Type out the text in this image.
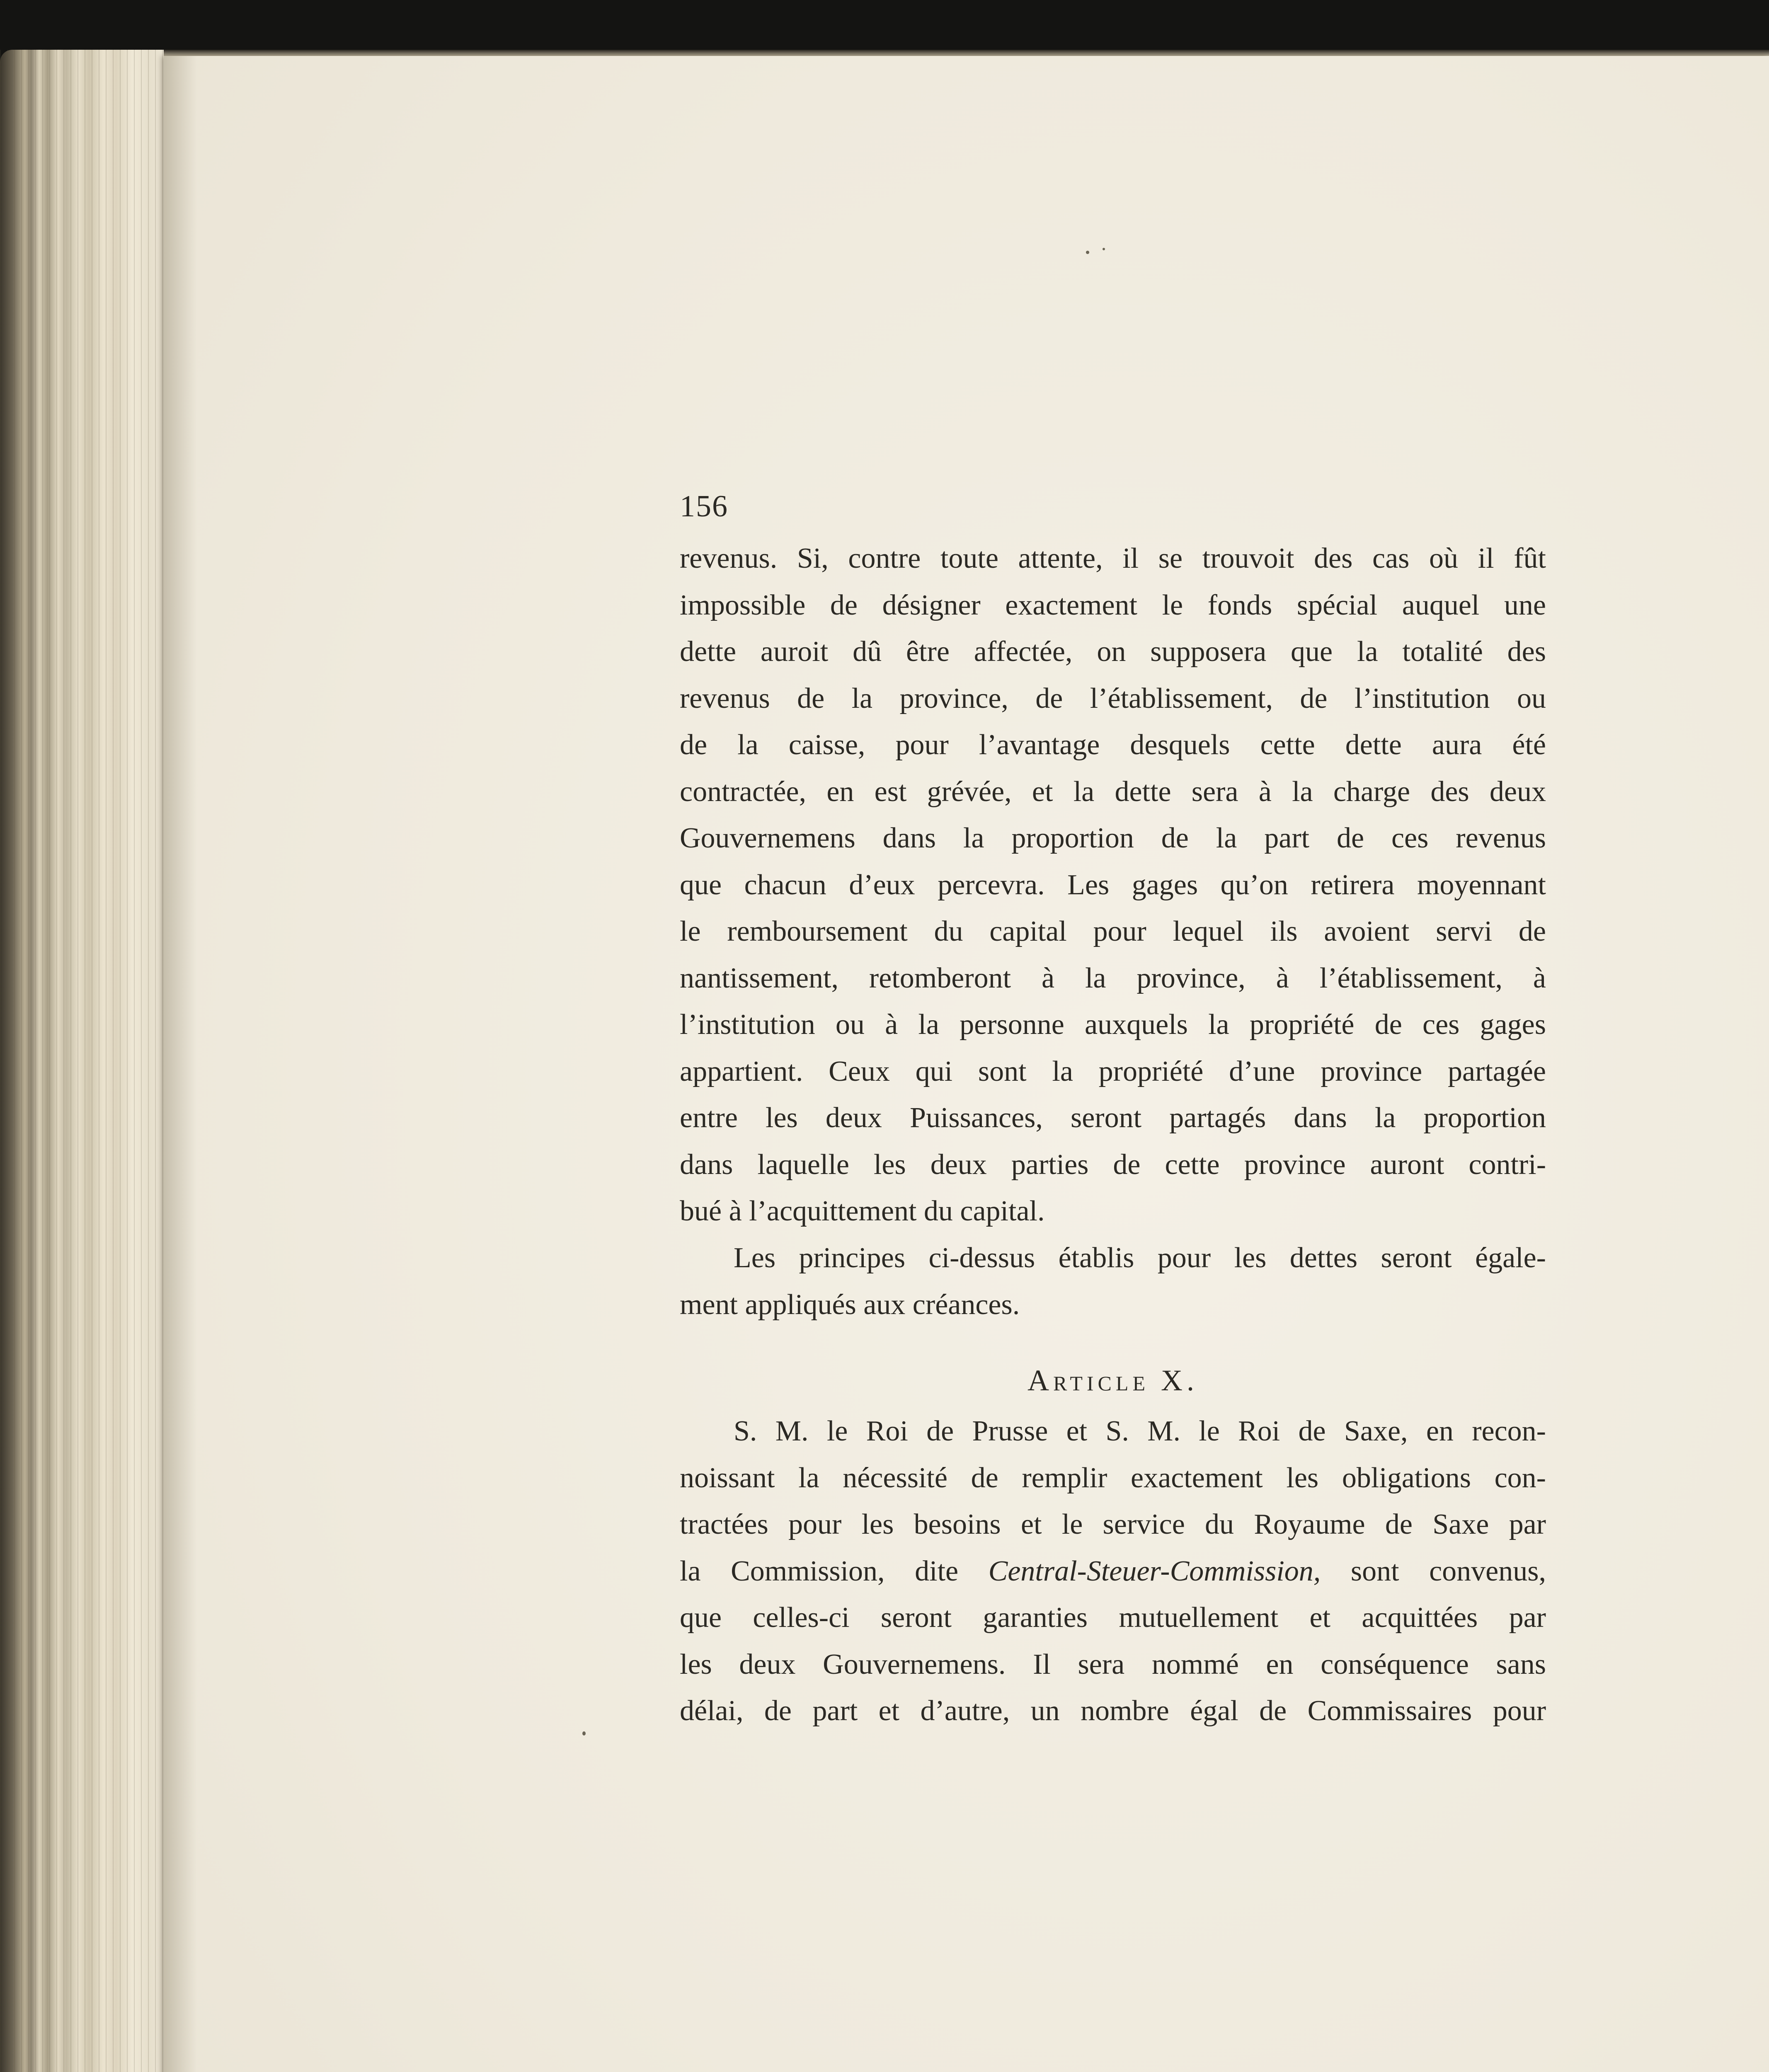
156
revenus. Si, contre toute attente, il se trouvoit des cas où il fût
impossible de désigner exactement le fonds spécial auquel une
dette auroit dû être affectée, on supposera que la totalité des
revenus de la province, de l’établissement, de l’institution ou
de la caisse, pour l’avantage desquels cette dette aura été
contractée, en est grévée, et la dette sera à la charge des deux
Gouvernemens dans la proportion de la part de ces revenus
que chacun d’eux percevra. Les gages qu’on retirera moyennant
le remboursement du capital pour lequel ils avoient servi de
nantissement, retomberont à la province, à l’établissement, à
l’institution ou à la personne auxquels la propriété de ces gages
appartient. Ceux qui sont la propriété d’une province partagée
entre les deux Puissances, seront partagés dans la proportion
dans laquelle les deux parties de cette province auront contri-
bué à l’acquittement du capital.
Les principes ci-dessus établis pour les dettes seront égale-
ment appliqués aux créances.
Article X.
S. M. le Roi de Prusse et S. M. le Roi de Saxe, en recon-
noissant la nécessité de remplir exactement les obligations con-
tractées pour les besoins et le service du Royaume de Saxe par
la Commission, dite Central-Steuer-Commission, sont convenus,
que celles-ci seront garanties mutuellement et acquittées par
les deux Gouvernemens. Il sera nommé en conséquence sans
délai, de part et d’autre, un nombre égal de Commissaires pour
